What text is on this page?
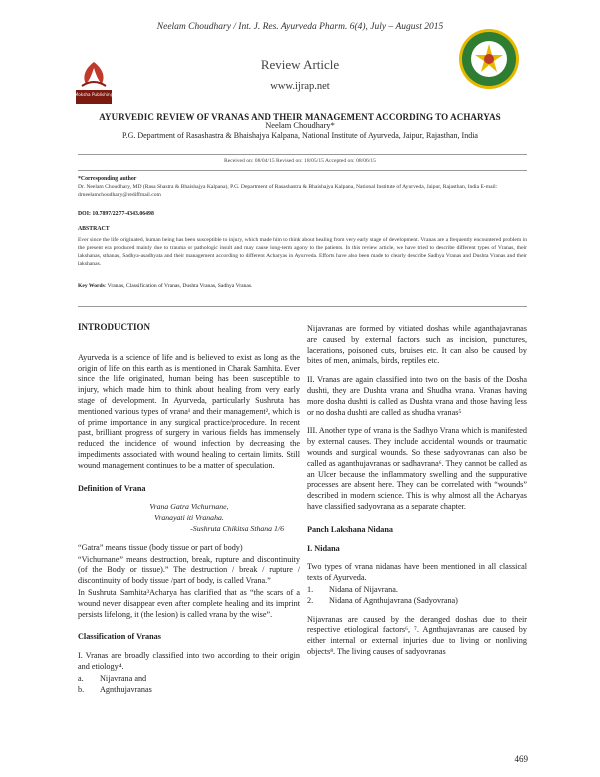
Neelam Choudhary / Int. J. Res. Ayurveda Pharm. 6(4), July – August 2015
Moksha Publishing
Review Article
www.ijrap.net
AYURVEDIC REVIEW OF VRANAS AND THEIR MANAGEMENT ACCORDING TO ACHARYAS
Neelam Choudhary*
P.G. Department of Rasashastra & Bhaishajya Kalpana, National Institute of Ayurveda, Jaipur, Rajasthan, India
Received on: 08/04/15 Revised on: 18/05/15 Accepted on: 08/06/15
*Corresponding author
Dr. Neelam Choudhary, MD (Rasa Shastra & Bhaishajya Kalpana), P.G. Department of Rasashastra & Bhaishajya Kalpana, National Institute of Ayurveda, Jaipur, Rajasthan, India E-mail: drneelamchoudhary@rediffmail.com
DOI: 10.7897/2277-4343.06498
ABSTRACT
Ever since the life originated, human being has been susceptible to injury, which made him to think about healing from very early stage of development. Vranas are a frequently encountered problem in the present era produced mainly due to trauma or pathologic insult and may cause long-term agony to the patients. In this review article, we have tried to describe different types of Vranas, their lakshanas, sthanas, Sadhya-asadhyata and their management according to different Acharyas in Ayurveda. Efforts have also been made to clearly describe Sadhya Vranas and Dushta Vranas and their lakshanas.
Key Words: Vranas, Classification of Vranas, Dushta Vranas, Sadhya Vranas.
INTRODUCTION

Ayurveda is a science of life and is believed to exist as long as the origin of life on this earth as is mentioned in Charak Samhita. Ever since the life originated, human being has been susceptible to injury, which made him to think about healing from very early stage of development. In Ayurveda, particularly Sushruta has mentioned various types of vrana¹ and their management², which is of prime importance in any surgical practice/procedure. In recent past, brilliant progress of surgery in various fields has immensely reduced the incidence of wound infection by decreasing the impediments associated with wound healing to certain limits. Still wound management continues to be a matter of speculation.

Definition of Vrana

Vrana Gatra Vichurnane,

Vranayati iti Vranaha.

-Sushruta Chikitsa Sthana 1/6

“Gatra” means tissue (body tissue or part of body)

“Vichurnane” means destruction, break, rupture and discontinuity (of the Body or tissue).” The destruction / break / rupture / discontinuity of body tissue /part of body, is called Vrana.”

In Sushruta Samhita³Acharya has clarified that as “the scars of a wound never disappear even after complete healing and its imprint persists lifelong, it (the lesion) is called vrana by the wise”.

Classification of Vranas

I. Vranas are broadly classified into two according to their origin and etiology⁴.

a. Nijavrana and
b. Agnthujavranas

Nijavranas are formed by vitiated doshas while aganthajavranas are caused by external factors such as incision, punctures, lacerations, poisoned cuts, bruises etc. It can also be caused by bites of men, animals, birds, reptiles etc.

II. Vranas are again classified into two on the basis of the Dosha dushti, they are Dushta vrana and Shudha vrana. Vranas having more dosha dushti is called as Dushta vrana and those having less or no dosha dushti are called as shudha vranas⁵

III. Another type of vrana is the Sadhyo Vrana which is manifested by external causes. They include accidental wounds or traumatic wounds and surgical wounds. So these sadyovranas can also be called as aganthujavranas or sadhavrana⁶. They cannot be called as an Ulcer because the inflammatory swelling and the suppurative processes are absent here. They can be correlated with “wounds” described in modern science. This is why almost all the Acharyas have classified sadyovrana as a separate chapter.

Panch Lakshana Nidana
I. Nidana

Two types of vrana nidanas have been mentioned in all classical texts of Ayurveda.

1. Nidana of Nijavrana.
2. Nidana of Agnthujavrana (Sadyovrana)

Nijavranas are caused by the deranged doshas due to their respective etiological factors⁶, ⁷. Agnthujavranas are caused by either internal or external injuries due to living or nonliving objects⁸. The living causes of sadyovranas

469
